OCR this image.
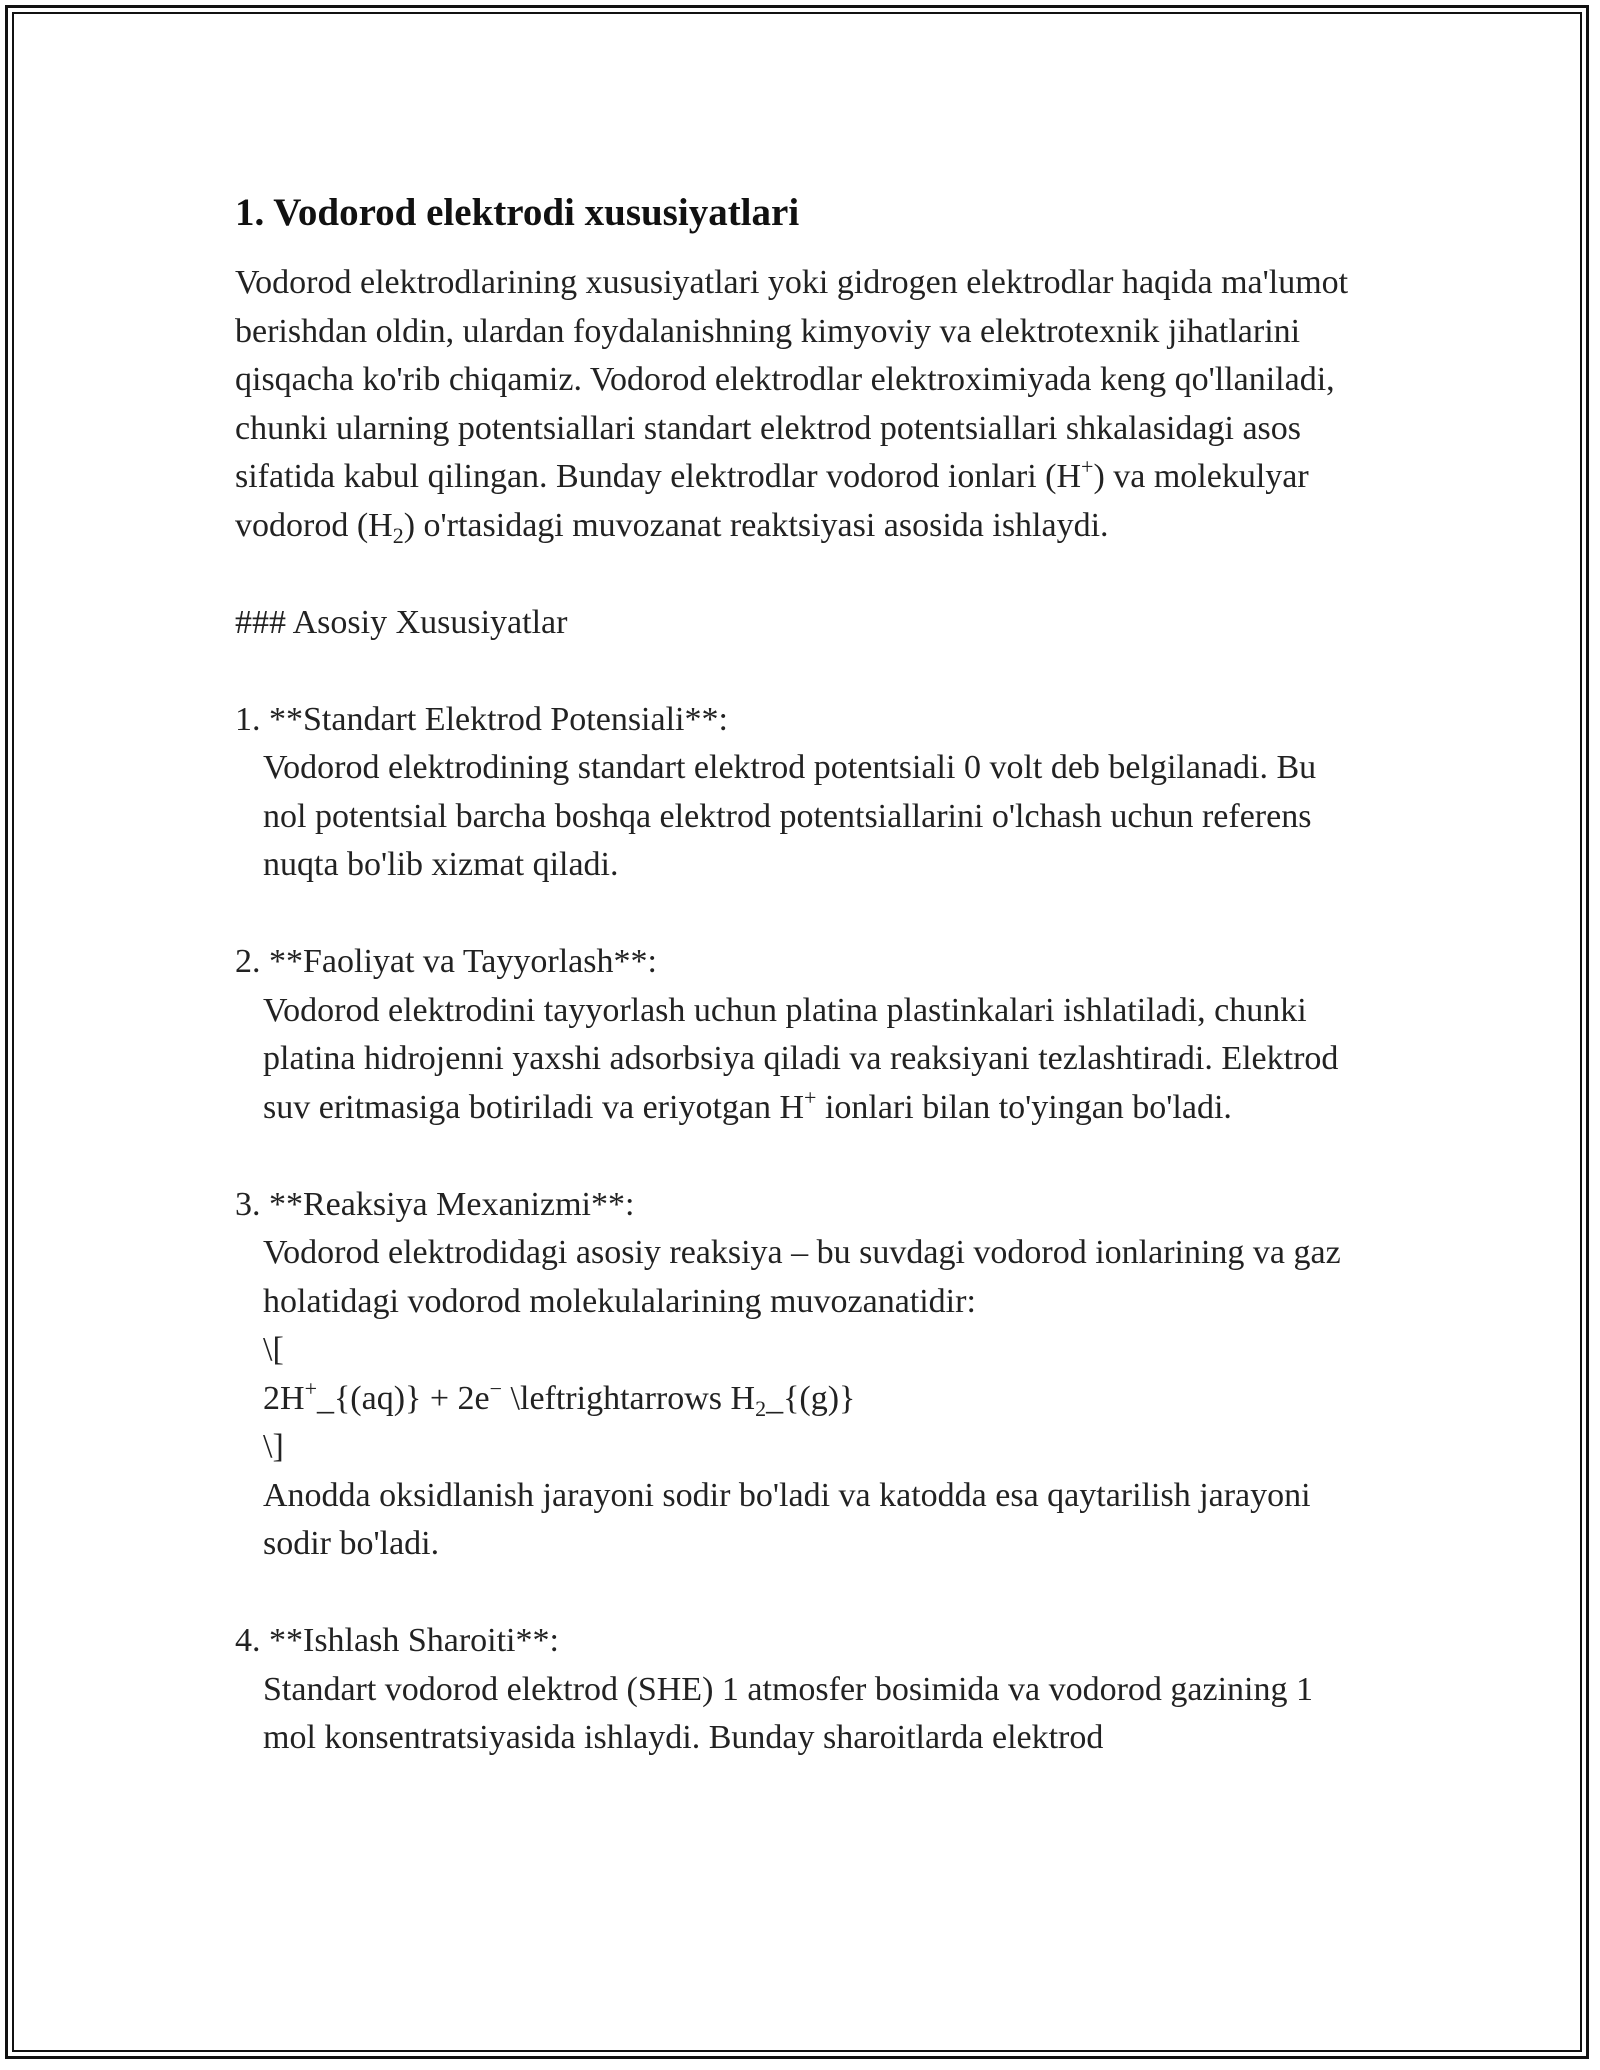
1. Vodorod elektrodi xususiyatlari

Vodorod elektrodlarining xususiyatlari yoki gidrogen elektrodlar haqida ma'lumot berishdan oldin, ulardan foydalanishning kimyoviy va elektrotexnik jihatlarini qisqacha ko'rib chiqamiz. Vodorod elektrodlar elektroximiyada keng qo'llaniladi, chunki ularning potentsiallari standart elektrod potentsiallari shkalasidagi asos sifatida kabul qilingan. Bunday elektrodlar vodorod ionlari (H+) va molekulyar vodorod $(H_2)$ o'rtasidagi muvozanat reaktsiyasi asosida ishlaydi.

### Asosiy Xususiyatlar

1. **Standart Elektrod Potensiali**:

Vodorod elektrodining standart elektrod potentsiali 0 volt deb belgilanadi. Bu nol potentsial barcha boshqa elektrod potentsiallarini o'lchash uchun referens nuqta bo'lib xizmat qiladi.

2. **Faoliyat va Tayyorlash**:

Vodorod elektrodini tayyorlash uchun platina plastinkalari ishlatiladi, chunki platina hidrojenni yaxshi adsorbsiya qiladi va reaksiyani tezlashtiradi. Elektrod suv eritmasiga botiriladi va eriyotgan H+ ionlari bilan to'yingan bo'ladi.

3. **Reaksiya Mexanizmi**:

Vodorod elektrodidagi asosiy reaksiya – bu suvdagi vodorod ionlarining va gaz holatidagi vodorod molekulalarining muvozanatidir:

\[

2H+_{(aq)} + 2e− \leftrightarrows $H_2\_\{(g)\}$

\]

Anodda oksidlanish jarayoni sodir bo'ladi va katodda esa qaytarilish jarayoni sodir bo'ladi.

4. **Ishlash Sharoiti**:

Standart vodorod elektrod (SHE) 1 atmosfer bosimida va vodorod gazining 1 mol konsentratsiyasida ishlaydi. Bunday sharoitlarda elektrod
